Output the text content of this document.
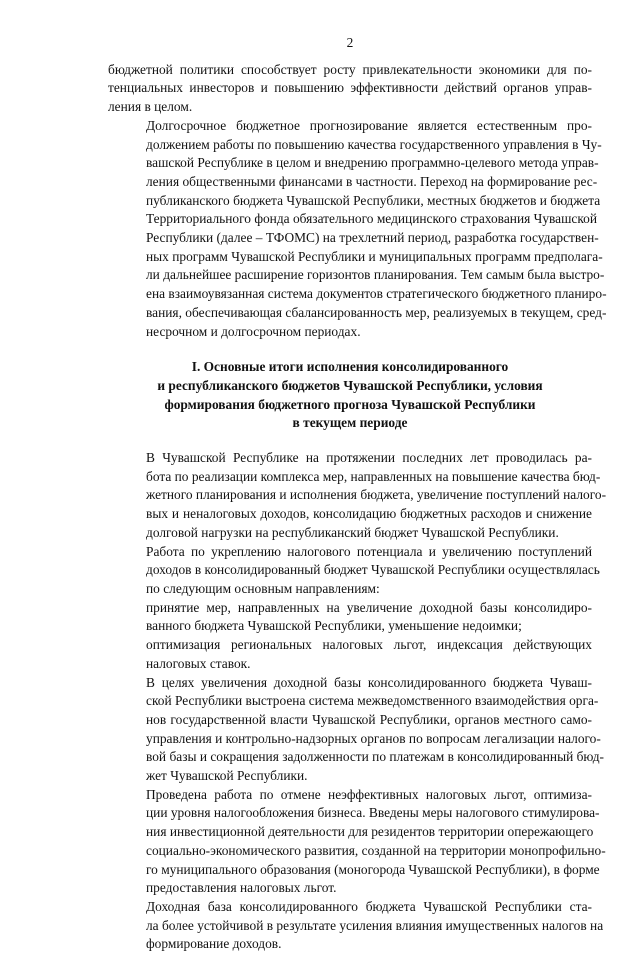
2

бюджетной политики способствует росту привлекательности экономики для по-
тенциальных инвесторов и повышению эффективности действий органов управ-
ления в целом.

Долгосрочное бюджетное прогнозирование является естественным про-
должением работы по повышению качества государственного управления в Чу-
вашской Республике в целом и внедрению программно-целевого метода управ-
ления общественными финансами в частности. Переход на формирование рес-
публиканского бюджета Чувашской Республики, местных бюджетов и бюджета
Территориального фонда обязательного медицинского страхования Чувашской
Республики (далее – ТФОМС) на трехлетний период, разработка государствен-
ных программ Чувашской Республики и муниципальных программ предполага-
ли дальнейшее расширение горизонтов планирования. Тем самым была выстро-
ена взаимоувязанная система документов стратегического бюджетного планиро-
вания, обеспечивающая сбалансированность мер, реализуемых в текущем, сред-
несрочном и долгосрочном периодах.

I. Основные итоги исполнения консолидированного
и республиканского бюджетов Чувашской Республики, условия
формирования бюджетного прогноза Чувашской Республики
в текущем периоде

В Чувашской Республике на протяжении последних лет проводилась ра-
бота по реализации комплекса мер, направленных на повышение качества бюд-
жетного планирования и исполнения бюджета, увеличение поступлений налого-
вых и неналоговых доходов, консолидацию бюджетных расходов и снижение
долговой нагрузки на республиканский бюджет Чувашской Республики.

Работа по укреплению налогового потенциала и увеличению поступлений
доходов в консолидированный бюджет Чувашской Республики осуществлялась
по следующим основным направлениям:

принятие мер, направленных на увеличение доходной базы консолидиро-
ванного бюджета Чувашской Республики, уменьшение недоимки;

оптимизация региональных налоговых льгот, индексация действующих
налоговых ставок.

В целях увеличения доходной базы консолидированного бюджета Чуваш-
ской Республики выстроена система межведомственного взаимодействия орга-
нов государственной власти Чувашской Республики, органов местного само-
управления и контрольно-надзорных органов по вопросам легализации налого-
вой базы и сокращения задолженности по платежам в консолидированный бюд-
жет Чувашской Республики.

Проведена работа по отмене неэффективных налоговых льгот, оптимиза-
ции уровня налогообложения бизнеса. Введены меры налогового стимулирова-
ния инвестиционной деятельности для резидентов территории опережающего
социально-экономического развития, созданной на территории монопрофильно-
го муниципального образования (моногорода Чувашской Республики), в форме
предоставления налоговых льгот.

Доходная база консолидированного бюджета Чувашской Республики ста-
ла более устойчивой в результате усиления влияния имущественных налогов на
формирование доходов.
